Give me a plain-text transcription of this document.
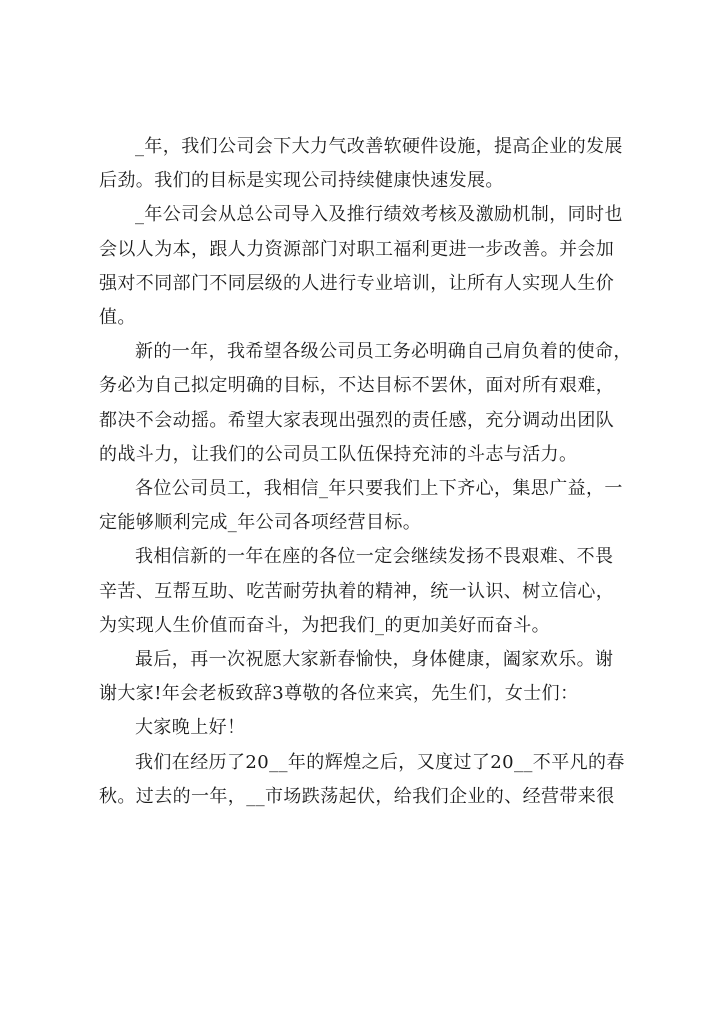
_年，我们公司会下大力气改善软硬件设施，提高企业的发展
后劲。我们的目标是实现公司持续健康快速发展。

_年公司会从总公司导入及推行绩效考核及激励机制，同时也
会以人为本，跟人力资源部门对职工福利更进一步改善。并会加
强对不同部门不同层级的人进行专业培训，让所有人实现人生价
值。

新的一年，我希望各级公司员工务必明确自己肩负着的使命，
务必为自己拟定明确的目标，不达目标不罢休，面对所有艰难，
都决不会动摇。希望大家表现出强烈的责任感，充分调动出团队
的战斗力，让我们的公司员工队伍保持充沛的斗志与活力。

各位公司员工，我相信_年只要我们上下齐心，集思广益，一
定能够顺利完成_年公司各项经营目标。

我相信新的一年在座的各位一定会继续发扬不畏艰难、不畏
辛苦、互帮互助、吃苦耐劳执着的精神，统一认识、树立信心，
为实现人生价值而奋斗，为把我们_的更加美好而奋斗。

最后，再一次祝愿大家新春愉快，身体健康，阖家欢乐。谢
谢大家!年会老板致辞3尊敬的各位来宾，先生们，女士们：

大家晚上好！

我们在经历了20__年的辉煌之后，又度过了20__不平凡的春
秋。过去的一年，__市场跌荡起伏，给我们企业的、经营带来很
